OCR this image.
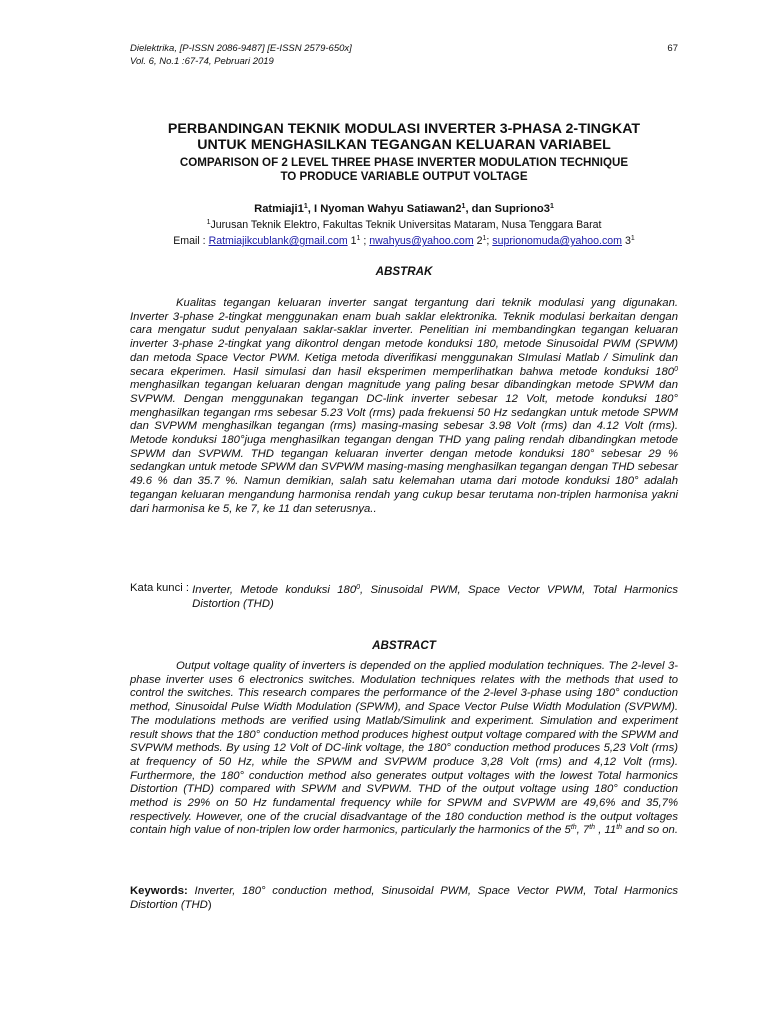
Dielektrika, [P-ISSN 2086-9487] [E-ISSN 2579-650x]
Vol. 6, No.1 :67-74, Pebruari 2019
67

PERBANDINGAN TEKNIK MODULASI INVERTER 3-PHASA 2-TINGKAT
UNTUK MENGHASILKAN TEGANGAN KELUARAN VARIABEL

COMPARISON OF 2 LEVEL THREE PHASE INVERTER MODULATION TECHNIQUE
TO PRODUCE VARIABLE OUTPUT VOLTAGE

$Ratmiaji1^1$, I Nyoman Wahyu $Satiawan2^1$, dan $Supriono3^1$
$^1$Jurusan Teknik Elektro, Fakultas Teknik Universitas Mataram, Nusa Tenggara Barat
Email : Ratmiajikcublank@gmail.com $1^1$ ; nwahyus@yahoo.com $2^1$; suprionomuda@yahoo.com $3^1$
ABSTRAK

Kualitas tegangan keluaran inverter sangat tergantung dari teknik modulasi yang digunakan. Inverter 3-phase 2-tingkat menggunakan enam buah saklar elektronika. Teknik modulasi berkaitan dengan cara mengatur sudut penyalaan saklar-saklar inverter. Penelitian ini membandingkan tegangan keluaran inverter 3-phase 2-tingkat yang dikontrol dengan metode konduksi 180, metode Sinusoidal PWM (SPWM) dan metoda Space Vector PWM. Ketiga metoda diverifikasi menggunakan SImulasi Matlab / Simulink dan secara ekperimen. Hasil simulasi dan hasil eksperimen memperlihatkan bahwa metode konduksi $180^0$ menghasilkan tegangan keluaran dengan magnitude yang paling besar dibandingkan metode SPWM dan SVPWM. Dengan menggunakan tegangan DC-link inverter sebesar 12 Volt, metode konduksi 180° menghasilkan tegangan rms sebesar 5.23 Volt (rms) pada frekuensi 50 Hz sedangkan untuk metode SPWM dan SVPWM menghasilkan tegangan (rms) masing-masing sebesar 3.98 Volt (rms) dan 4.12 Volt (rms). Metode konduksi 180°juga menghasilkan tegangan dengan THD yang paling rendah dibandingkan metode SPWM dan SVPWM. THD tegangan keluaran inverter dengan metode konduksi 180° sebesar 29 % sedangkan untuk metode SPWM dan SVPWM masing-masing menghasilkan tegangan dengan THD sebesar 49.6 % dan 35.7 %. Namun demikian, salah satu kelemahan utama dari motode konduksi 180° adalah tegangan keluaran mengandung harmonisa rendah yang cukup besar terutama non-triplen harmonisa yakni dari harmonisa ke 5, ke 7, ke 11 dan seterusnya..

Kata kunci : Inverter, Metode konduksi $180^0$, Sinusoidal PWM, Space Vector VPWM, Total Harmonics Distortion (THD)
ABSTRACT

Output voltage quality of inverters is depended on the applied modulation techniques. The 2-level 3-phase inverter uses 6 electronics switches. Modulation techniques relates with the methods that used to control the switches. This research compares the performance of the 2-level 3-phase using 180° conduction method, Sinusoidal Pulse Width Modulation (SPWM), and Space Vector Pulse Width Modulation (SVPWM). The modulations methods are verified using Matlab/Simulink and experiment. Simulation and experiment result shows that the 180° conduction method produces highest output voltage compared with the SPWM and SVPWM methods. By using 12 Volt of DC-link voltage, the 180° conduction method produces 5,23 Volt (rms) at frequency of 50 Hz, while the SPWM and SVPWM produce 3,28 Volt (rms) and 4,12 Volt (rms). Furthermore, the 180° conduction method also generates output voltages with the lowest Total harmonics Distortion (THD) compared with SPWM and SVPWM. THD of the output voltage using 180° conduction method is 29% on 50 Hz fundamental frequency while for SPWM and SVPWM are 49,6% and 35,7% respectively. However, one of the crucial disadvantage of the 180 conduction method is the output voltages contain high value of non-triplen low order harmonics, particularly the harmonics of the 5th, 7th , 11th and so on.

Keywords: Inverter, 180° conduction method, Sinusoidal PWM, Space Vector PWM, Total Harmonics Distortion (THD)
